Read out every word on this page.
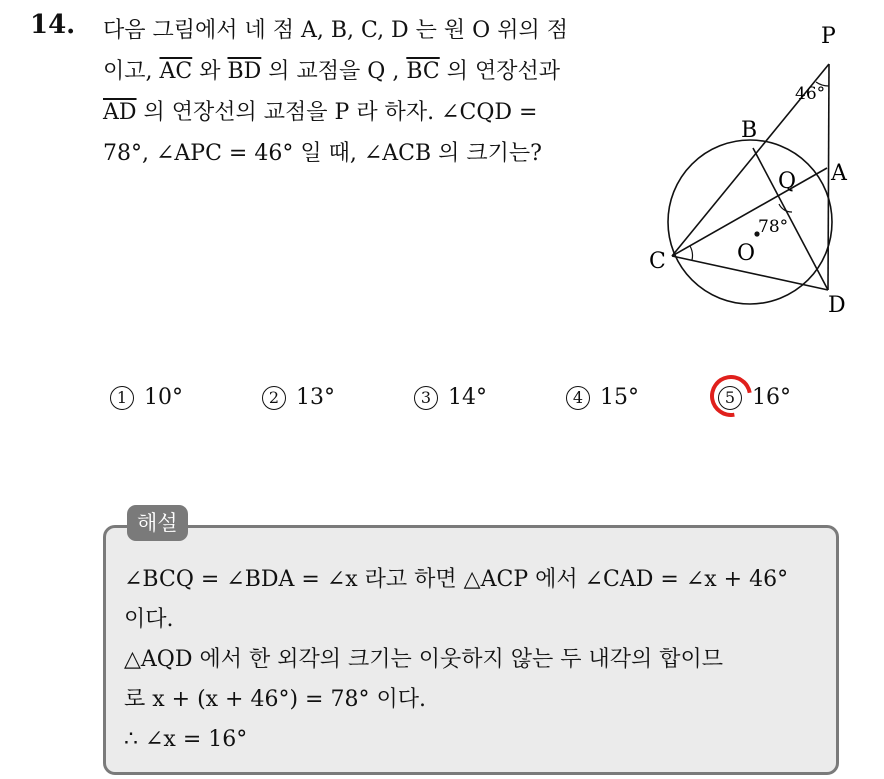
14. 다음 그림에서 네 점 A, B, C, D 는 원 O 위의 점
이고, $\overline{AC}$ 와 $\overline{BD}$ 의 교점을 Q , $\overline{BC}$ 의 연장선과
$\overline{AD}$ 의 연장선의 교점을 P 라 하자. ∠CQD =
78°, ∠APC = 46° 일 때, ∠ACB 의 크기는?
P
46°
B
A
Q
78°
O
C
D
1 10°	2 13°	3 14°	4 15°	5 16°
해설
∠BCQ = ∠BDA = ∠x 라고 하면 △ACP 에서 ∠CAD = ∠x + 46°
이다.
△AQD 에서 한 외각의 크기는 이웃하지 않는 두 내각의 합이므
로 x + (x + 46°) = 78° 이다.
∴ ∠x = 16°
